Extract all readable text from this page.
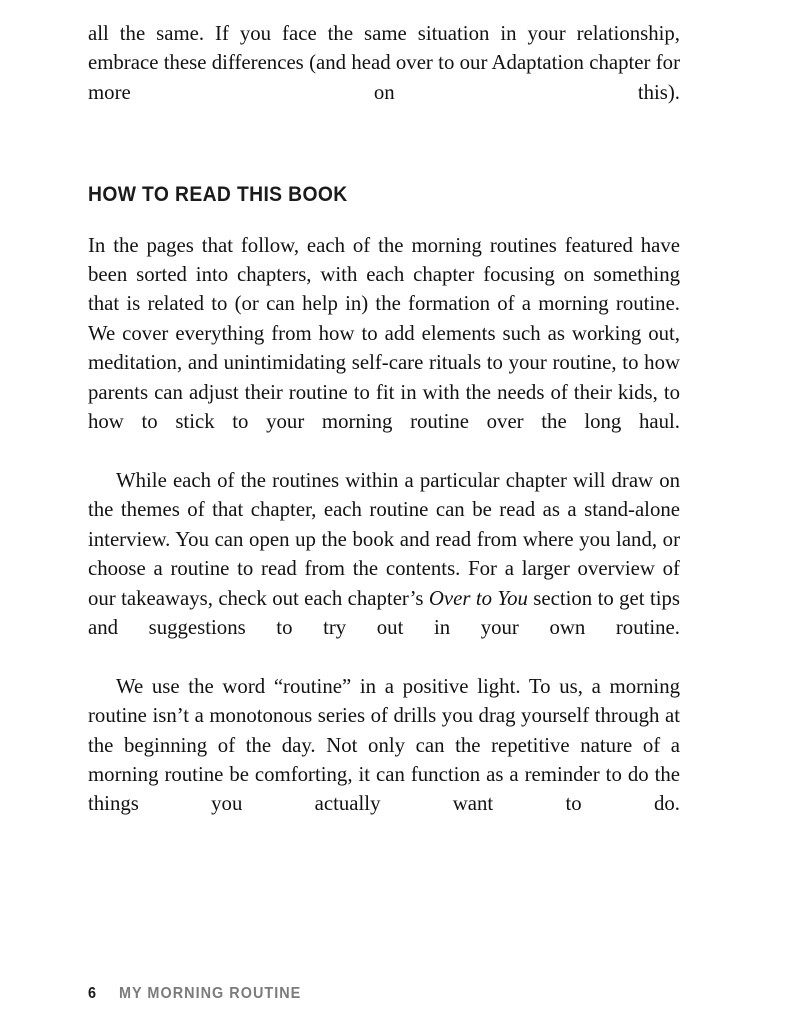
all the same. If you face the same situation in your relationship, embrace these differences (and head over to our Adaptation chapter for more on this).

HOW TO READ THIS BOOK

In the pages that follow, each of the morning routines featured have been sorted into chapters, with each chapter focusing on something that is related to (or can help in) the formation of a morning routine. We cover everything from how to add elements such as working out, meditation, and unintimidating self-care rituals to your routine, to how parents can adjust their routine to fit in with the needs of their kids, to how to stick to your morning routine over the long haul.

While each of the routines within a particular chapter will draw on the themes of that chapter, each routine can be read as a stand-alone interview. You can open up the book and read from where you land, or choose a routine to read from the contents. For a larger overview of our takeaways, check out each chapter’s Over to You section to get tips and suggestions to try out in your own routine.

We use the word “routine” in a positive light. To us, a morning routine isn’t a monotonous series of drills you drag yourself through at the beginning of the day. Not only can the repetitive nature of a morning routine be comforting, it can function as a reminder to do the things you actually want to do.

6 MY MORNING ROUTINE
